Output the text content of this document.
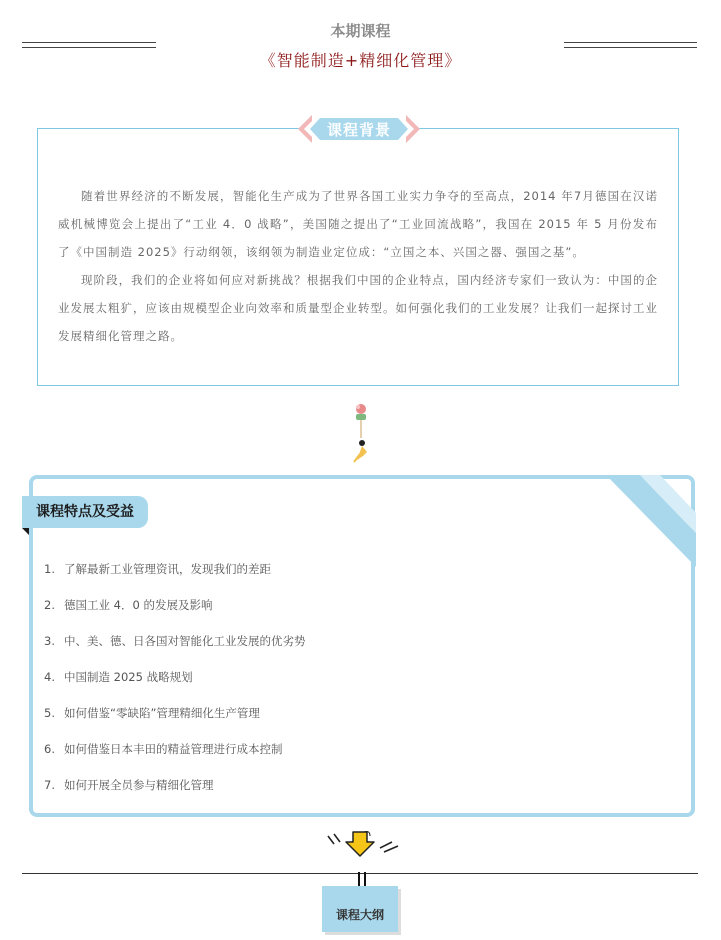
本期课程
《智能制造+精细化管理》
课程背景

随着世界经济的不断发展，智能化生产成为了世界各国工业实力争夺的至高点，2014 年7月德国在汉诺威机械博览会上提出了“工业 4．0 战略”，美国随之提出了“工业回流战略”，我国在 2015 年 5 月份发布了《中国制造 2025》行动纲领，该纲领为制造业定位成：“立国之本、兴国之器、强国之基”。

现阶段，我们的企业将如何应对新挑战？根据我们中国的企业特点，国内经济专家们一致认为：中国的企业发展太粗犷，应该由规模型企业向效率和质量型企业转型。如何强化我们的工业发展？让我们一起探讨工业发展精细化管理之路。

课程特点及受益
1. 了解最新工业管理资讯，发现我们的差距
2. 德国工业 4．0 的发展及影响
3. 中、美、德、日各国对智能化工业发展的优劣势
4. 中国制造 2025 战略规划
5. 如何借鉴“零缺陷”管理精细化生产管理
6. 如何借鉴日本丰田的精益管理进行成本控制
7. 如何开展全员参与精细化管理
课程大纲
